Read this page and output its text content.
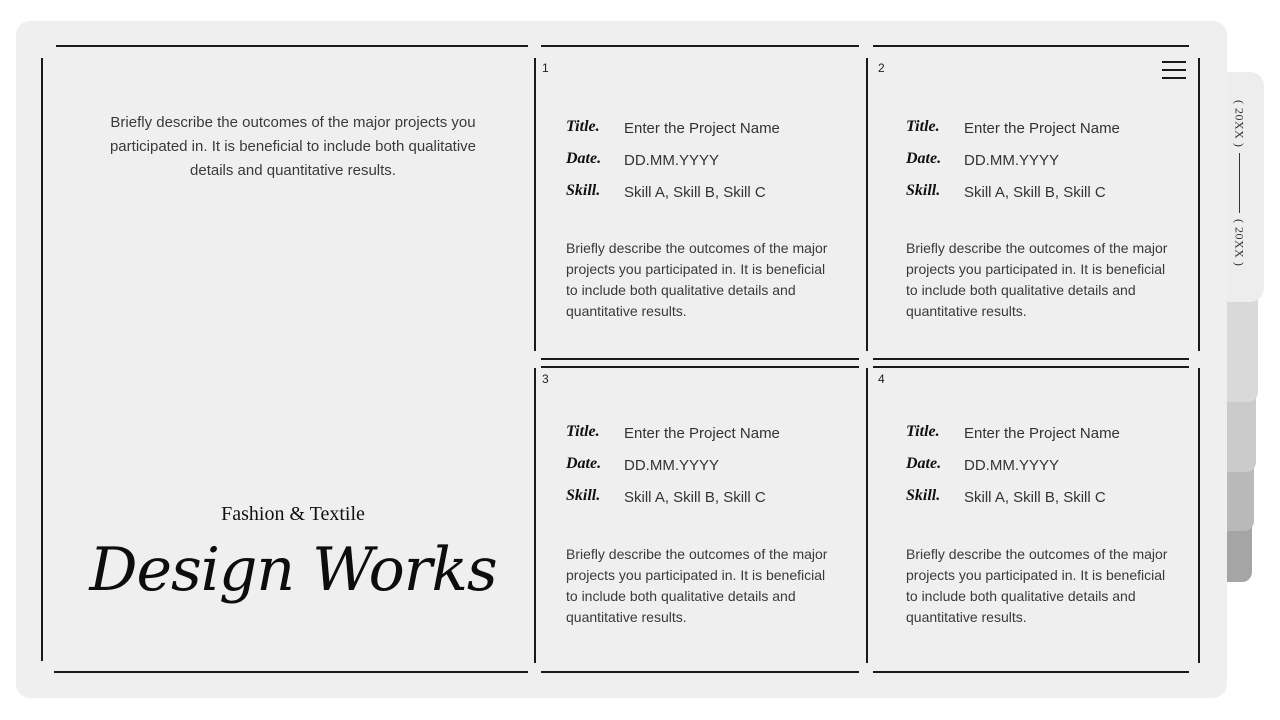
Briefly describe the outcomes of the major projects you participated in. It is beneficial to include both qualitative details and quantitative results.
Fashion & Textile
Design Works
1
Title. Enter the Project Name
Date. DD.MM.YYYY
Skill. Skill A, Skill B, Skill C
Briefly describe the outcomes of the major projects you participated in. It is beneficial to include both qualitative details and quantitative results.
2
Title. Enter the Project Name
Date. DD.MM.YYYY
Skill. Skill A, Skill B, Skill C
Briefly describe the outcomes of the major projects you participated in. It is beneficial to include both qualitative details and quantitative results.
3
Title. Enter the Project Name
Date. DD.MM.YYYY
Skill. Skill A, Skill B, Skill C
Briefly describe the outcomes of the major projects you participated in. It is beneficial to include both qualitative details and quantitative results.
4
Title. Enter the Project Name
Date. DD.MM.YYYY
Skill. Skill A, Skill B, Skill C
Briefly describe the outcomes of the major projects you participated in. It is beneficial to include both qualitative details and quantitative results.
( 20XX )
( 20XX )
